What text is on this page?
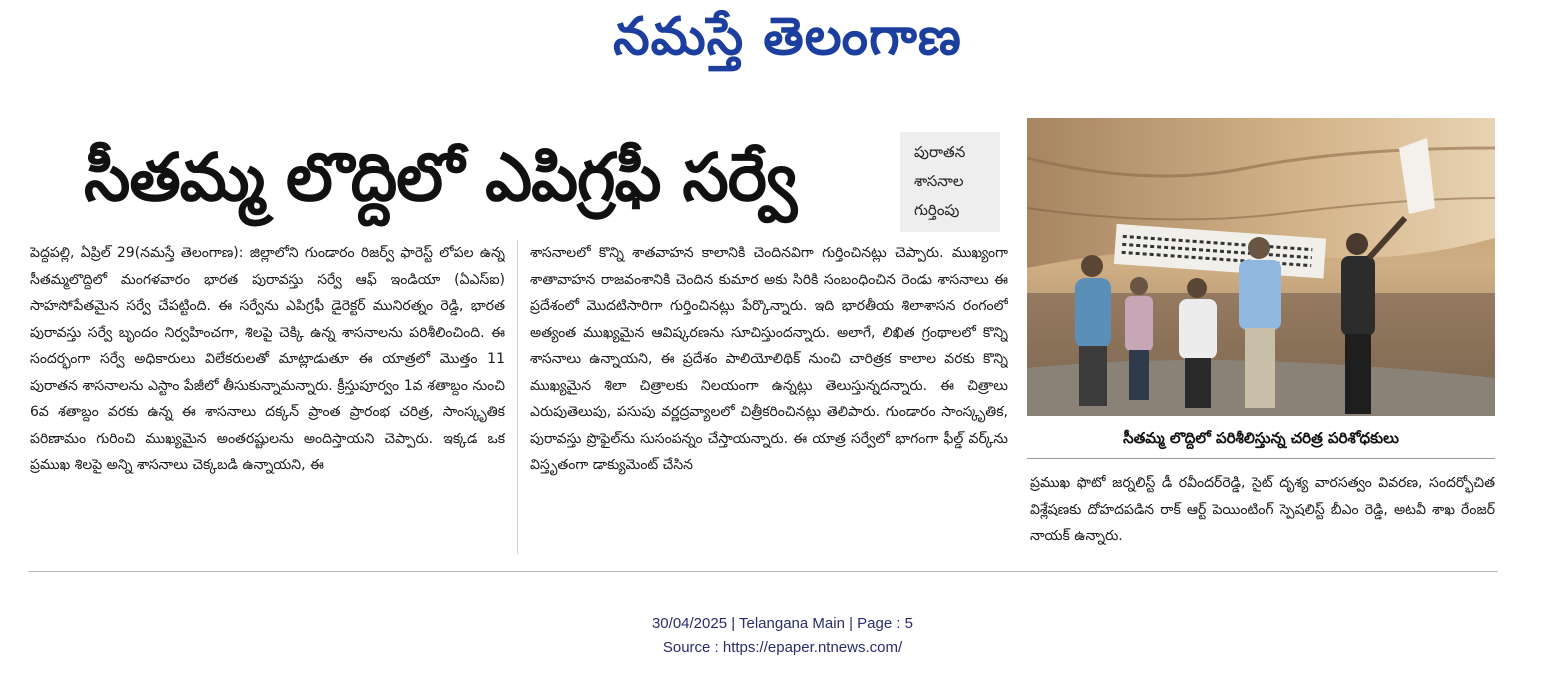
నమస్తే తెలంగాణ
సీతమ్మ లొద్దిలో ఎపిగ్రఫీ సర్వే	పురాతన
శాసనాల
గుర్తింపు
పెద్దపల్లి, ఏప్రిల్ 29(నమస్తే తెలంగాణ): జిల్లాలోని గుండారం రిజర్వ్ ఫారెస్ట్ లోపల ఉన్న సీతమ్మలొద్దిలో మంగళవారం భారత పురావస్తు సర్వే ఆఫ్ ఇండియా (ఏఎస్ఐ) సాహసోపేతమైన సర్వే చేపట్టింది. ఈ సర్వేను ఎపిగ్రఫీ డైరెక్టర్ మునిరత్నం రెడ్డి, భారత పురావస్తు సర్వే బృందం నిర్వహించగా, శిలపై చెక్కి ఉన్న శాసనాలను పరిశీలించింది. ఈ సందర్భంగా సర్వే అధికారులు విలేకరులతో మాట్లాడుతూ ఈ యాత్రలో మొత్తం 11 పురాతన శాసనాలను ఎస్టాం పేజీలో తీసుకున్నామన్నారు. క్రీస్తుపూర్వం 1వ శతాబ్దం నుంచి 6వ శతాబ్దం వరకు ఉన్న ఈ శాసనాలు దక్కన్ ప్రాంత ప్రారంభ చరిత్ర, సాంస్కృతిక పరిణామం గురించి ముఖ్యమైన అంతరష్టులను అందిస్తాయని చెప్పారు. ఇక్కడ ఒక ప్రముఖ శిలపై అన్ని శాసనాలు చెక్కబడి ఉన్నాయని, ఈ
శాసనాలలో కొన్ని శాతవాహన కాలానికి చెందినవిగా గుర్తించినట్లు చెప్పారు. ముఖ్యంగా శాతావాహన రాజవంశానికి చెందిన కుమార అకు సిరికి సంబంధించిన రెండు శాసనాలు ఈ ప్రదేశంలో మొదటిసారిగా గుర్తించినట్లు పేర్కొన్నారు. ఇది భారతీయ శిలాశాసన రంగంలో అత్యంత ముఖ్యమైన ఆవిష్కరణను సూచిస్తుందన్నారు. అలాగే, లిఖిత గ్రంథాలలో కొన్ని శాసనాలు ఉన్నాయని, ఈ ప్రదేశం పాలియోలిథిక్ నుంచి చారిత్రక కాలాల వరకు కొన్ని ముఖ్యమైన శిలా చిత్రాలకు నిలయంగా ఉన్నట్లు తెలుస్తున్నదన్నారు. ఈ చిత్రాలు ఎరుపుతెలుపు, పసుపు వర్ణద్రవ్యాలలో చిత్రీకరించినట్లు తెలిపారు. గుండారం సాంస్కృతిక, పురావస్తు ప్రొఫైల్‌ను సుసంపన్నం చేస్తాయన్నారు. ఈ యాత్ర సర్వేలో భాగంగా ఫీల్డ్ వర్క్‌ను విస్తృతంగా డాక్యుమెంట్ చేసిన
సీతమ్మ లొద్దిలో పరిశీలిస్తున్న చరిత్ర పరిశోధకులు
ప్రముఖ ఫొటో జర్నలిస్ట్ డీ రవీందర్‌రెడ్డి, సైట్ దృశ్య వారసత్వం వివరణ, సందర్భోచిత విశ్లేషణకు దోహదపడిన రాక్ ఆర్ట్ పెయింటింగ్ స్పెషలిస్ట్ బీఎం రెడ్డి, అటవీ శాఖ రేంజర్ నాయక్ ఉన్నారు.
30/04/2025 | Telangana Main | Page : 5
Source : https://epaper.ntnews.com/
